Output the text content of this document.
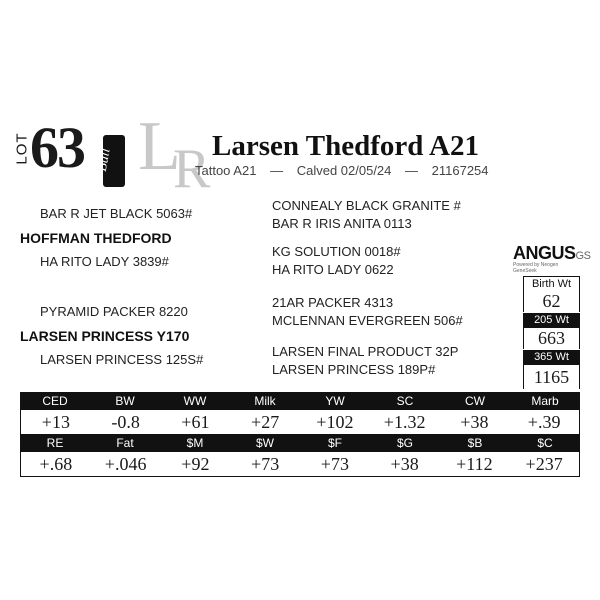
LOT 63 Bull L
R Larsen Thedford A21
Tattoo A21 — Calved 02/05/24 — 21167254
BAR R JET BLACK 5063#
HOFFMAN THEDFORD
HA RITO LADY 3839#
CONNEALY BLACK GRANITE #
BAR R IRIS ANITA 0113
KG SOLUTION 0018#
HA RITO LADY 0622
PYRAMID PACKER 8220
LARSEN PRINCESS Y170
LARSEN PRINCESS 125S#
21AR PACKER 4313
MCLENNAN EVERGREEN 506#
LARSEN FINAL PRODUCT 32P
LARSEN PRINCESS 189P#
ANGUSGS
Powered by Neogen GeneSeek
Birth Wt
62
205 Wt
663
365 Wt
1165
CED	BW	WW	Milk	YW	SC	CW	Marb
+13	-0.8	+61	+27	+102	+1.32	+38	+.39
RE	Fat	$M	$W	$F	$G	$B	$C
+.68	+.046	+92	+73	+73	+38	+112	+237
